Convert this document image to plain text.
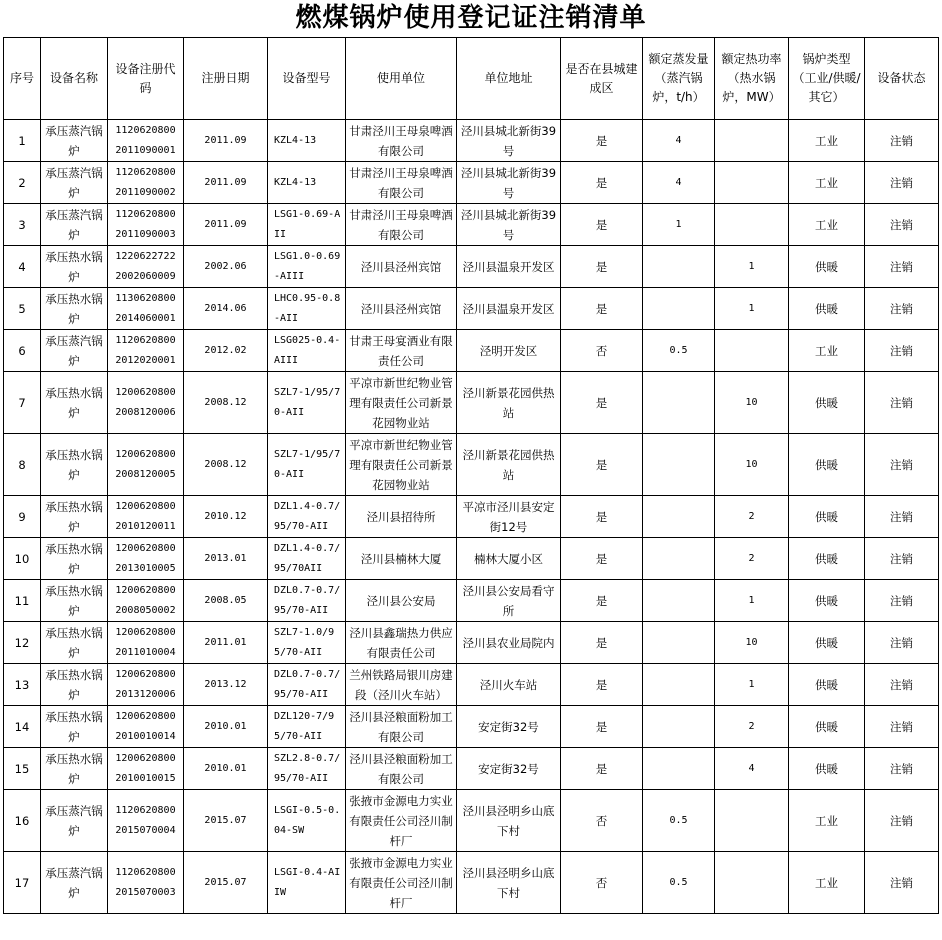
燃煤锅炉使用登记证注销清单
序号	设备名称	设备注册代码	注册日期	设备型号	使用单位	单位地址	是否在县城建成区	额定蒸发量（蒸汽锅炉，t/h）	额定热功率（热水锅炉，MW）	锅炉类型（工业/供暖/其它）	设备状态
1	承压蒸汽锅炉	1120620800 2011090001	2011.09	KZL4-13	甘肃泾川王母泉啤酒有限公司	泾川县城北新街39号	是	4		工业	注销
2	承压蒸汽锅炉	1120620800 2011090002	2011.09	KZL4-13	甘肃泾川王母泉啤酒有限公司	泾川县城北新街39号	是	4		工业	注销
3	承压蒸汽锅炉	1120620800 2011090003	2011.09	LSG1-0.69-AII	甘肃泾川王母泉啤酒有限公司	泾川县城北新街39号	是	1		工业	注销
4	承压热水锅炉	1220622722 2002060009	2002.06	LSG1.0-0.69-AIII	泾川县泾州宾馆	泾川县温泉开发区	是		1	供暖	注销
5	承压热水锅炉	1130620800 2014060001	2014.06	LHC0.95-0.8-AII	泾川县泾州宾馆	泾川县温泉开发区	是		1	供暖	注销
6	承压蒸汽锅炉	1120620800 2012020001	2012.02	LSG025-0.4-AIII	甘肃王母宴酒业有限责任公司	泾明开发区	否	0.5		工业	注销
7	承压热水锅炉	1200620800 2008120006	2008.12	SZL7-1/95/70-AII	平凉市新世纪物业管理有限责任公司新景花园物业站	泾川新景花园供热站	是		10	供暖	注销
8	承压热水锅炉	1200620800 2008120005	2008.12	SZL7-1/95/70-AII	平凉市新世纪物业管理有限责任公司新景花园物业站	泾川新景花园供热站	是		10	供暖	注销
9	承压热水锅炉	1200620800 2010120011	2010.12	DZL1.4-0.7/95/70-AII	泾川县招待所	平凉市泾川县安定街12号	是		2	供暖	注销
10	承压热水锅炉	1200620800 2013010005	2013.01	DZL1.4-0.7/95/70AII	泾川县楠林大厦	楠林大厦小区	是		2	供暖	注销
11	承压热水锅炉	1200620800 2008050002	2008.05	DZL0.7-0.7/95/70-AII	泾川县公安局	泾川县公安局看守所	是		1	供暖	注销
12	承压热水锅炉	1200620800 2011010004	2011.01	SZL7-1.0/95/70-AII	泾川县鑫瑞热力供应有限责任公司	泾川县农业局院内	是		10	供暖	注销
13	承压热水锅炉	1200620800 2013120006	2013.12	DZL0.7-0.7/95/70-AII	兰州铁路局银川房建段（泾川火车站）	泾川火车站	是		1	供暖	注销
14	承压热水锅炉	1200620800 2010010014	2010.01	DZL120-7/95/70-AII	泾川县泾粮面粉加工有限公司	安定街32号	是		2	供暖	注销
15	承压热水锅炉	1200620800 2010010015	2010.01	SZL2.8-0.7/95/70-AII	泾川县泾粮面粉加工有限公司	安定街32号	是		4	供暖	注销
16	承压蒸汽锅炉	1120620800 2015070004	2015.07	LSGI-0.5-0.04-SW	张掖市金源电力实业有限责任公司泾川制杆厂	泾川县泾明乡山底下村	否	0.5		工业	注销
17	承压蒸汽锅炉	1120620800 2015070003	2015.07	LSGI-0.4-AIIW	张掖市金源电力实业有限责任公司泾川制杆厂	泾川县泾明乡山底下村	否	0.5		工业	注销
